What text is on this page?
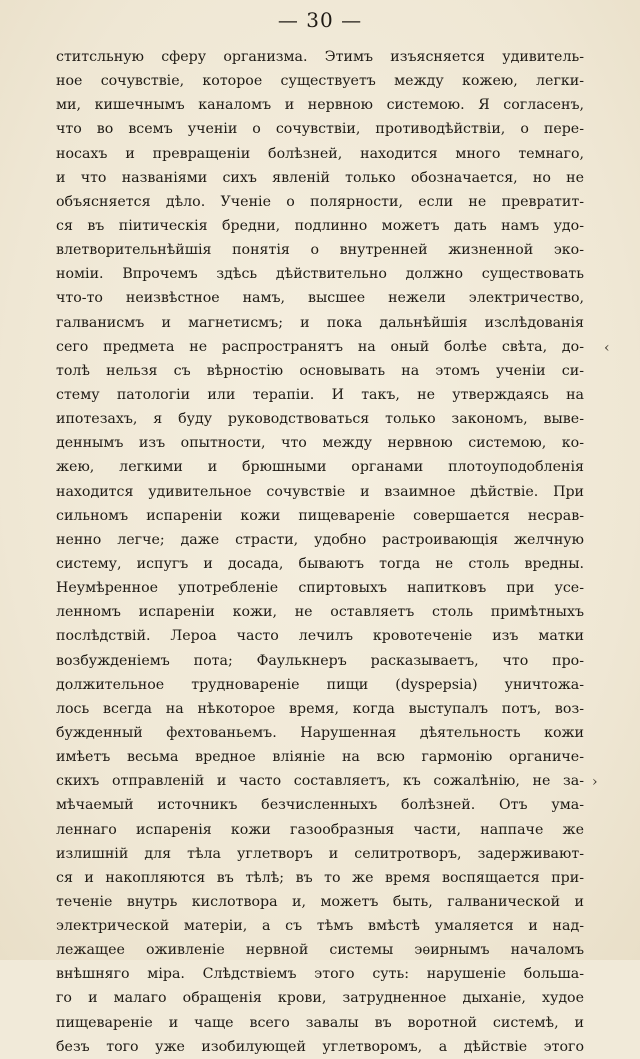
— 30 —
ститсльную сферу организма. Этимъ изъясняется удивитель-
ное сочувствіе, которое существуетъ между кожею, легки-
ми, кишечнымъ каналомъ и нервною системою. Я согласенъ,
что во всемъ ученіи о сочувствіи, противодѣйствіи, о пере-
носахъ и превращеніи болѣзней, находится много темнаго,
и что названіями сихъ явленій только обозначается, но не
объясняется дѣло. Ученіе о полярности, если не превратит-
ся въ піитическія бредни, подлинно можетъ дать намъ удо-
влетворительнѣйшія понятія о внутренней жизненной эко-
номіи. Впрочемъ здѣсь дѣйствительно должно существовать
что-то неизвѣстное намъ, высшее нежели электричество,
галванисмъ и магнетисмъ; и пока дальнѣйшія изслѣдованія
сего предмета не распространятъ на оный болѣе свѣта, до-
толѣ нельзя съ вѣрностію основывать на этомъ ученіи си-
стему патологіи или терапіи. И такъ, не утверждаясь на
ипотезахъ, я буду руководствоваться только закономъ, выве-
деннымъ изъ опытности, что между нервною системою, ко-
жею, легкими и брюшными органами плотоуподобленія
находится удивительное сочувствіе и взаимное дѣйствіе. При
сильномъ испареніи кожи пищевареніе совершается несрав-
ненно легче; даже страсти, удобно растроивающія желчную
систему, испугъ и досада, бываютъ тогда не столь вредны.
Неумѣренное употребленіе спиртовыхъ напитковъ при усе-
ленномъ испареніи кожи, не оставляетъ столь примѣтныхъ
послѣдствій. Лероа часто лечилъ кровотеченіе изъ матки
возбужденіемъ пота; Фаулькнеръ расказываетъ, что про-
должительное трудновареніе пищи (dyspepsia) уничтожа-
лось всегда на нѣкоторое время, когда выступалъ потъ, воз-
бужденный фехтованьемъ. Нарушенная дѣятельность кожи
имѣетъ весьма вредное вліяніе на всю гармонію органиче-
скихъ отправленій и часто составляетъ, къ сожалѣнію, не за-
мѣчаемый источникъ безчисленныхъ болѣзней. Отъ ума-
леннаго испаренія кожи газообразныя части, наппаче же
излишній для тѣла углетворъ и селитротворъ, задерживают-
ся и накопляются въ тѣлѣ; въ то же время воспящается при-
теченіе внутрь кислотвора и, можетъ быть, галванической и
электрической матеріи, а съ тѣмъ вмѣстѣ умаляется и над-
лежащее оживленіе нервной системы эѳирнымъ началомъ
внѣшняго міра. Слѣдствіемъ этого суть: нарушеніе больша-
го и малаго обращенія крови, затрудненное дыханіе, худое
пищевареніе и чаще всего завалы въ воротной системѣ, и
безъ того уже изобилующей углетворомъ, а дѣйствіе этого
‹
›
